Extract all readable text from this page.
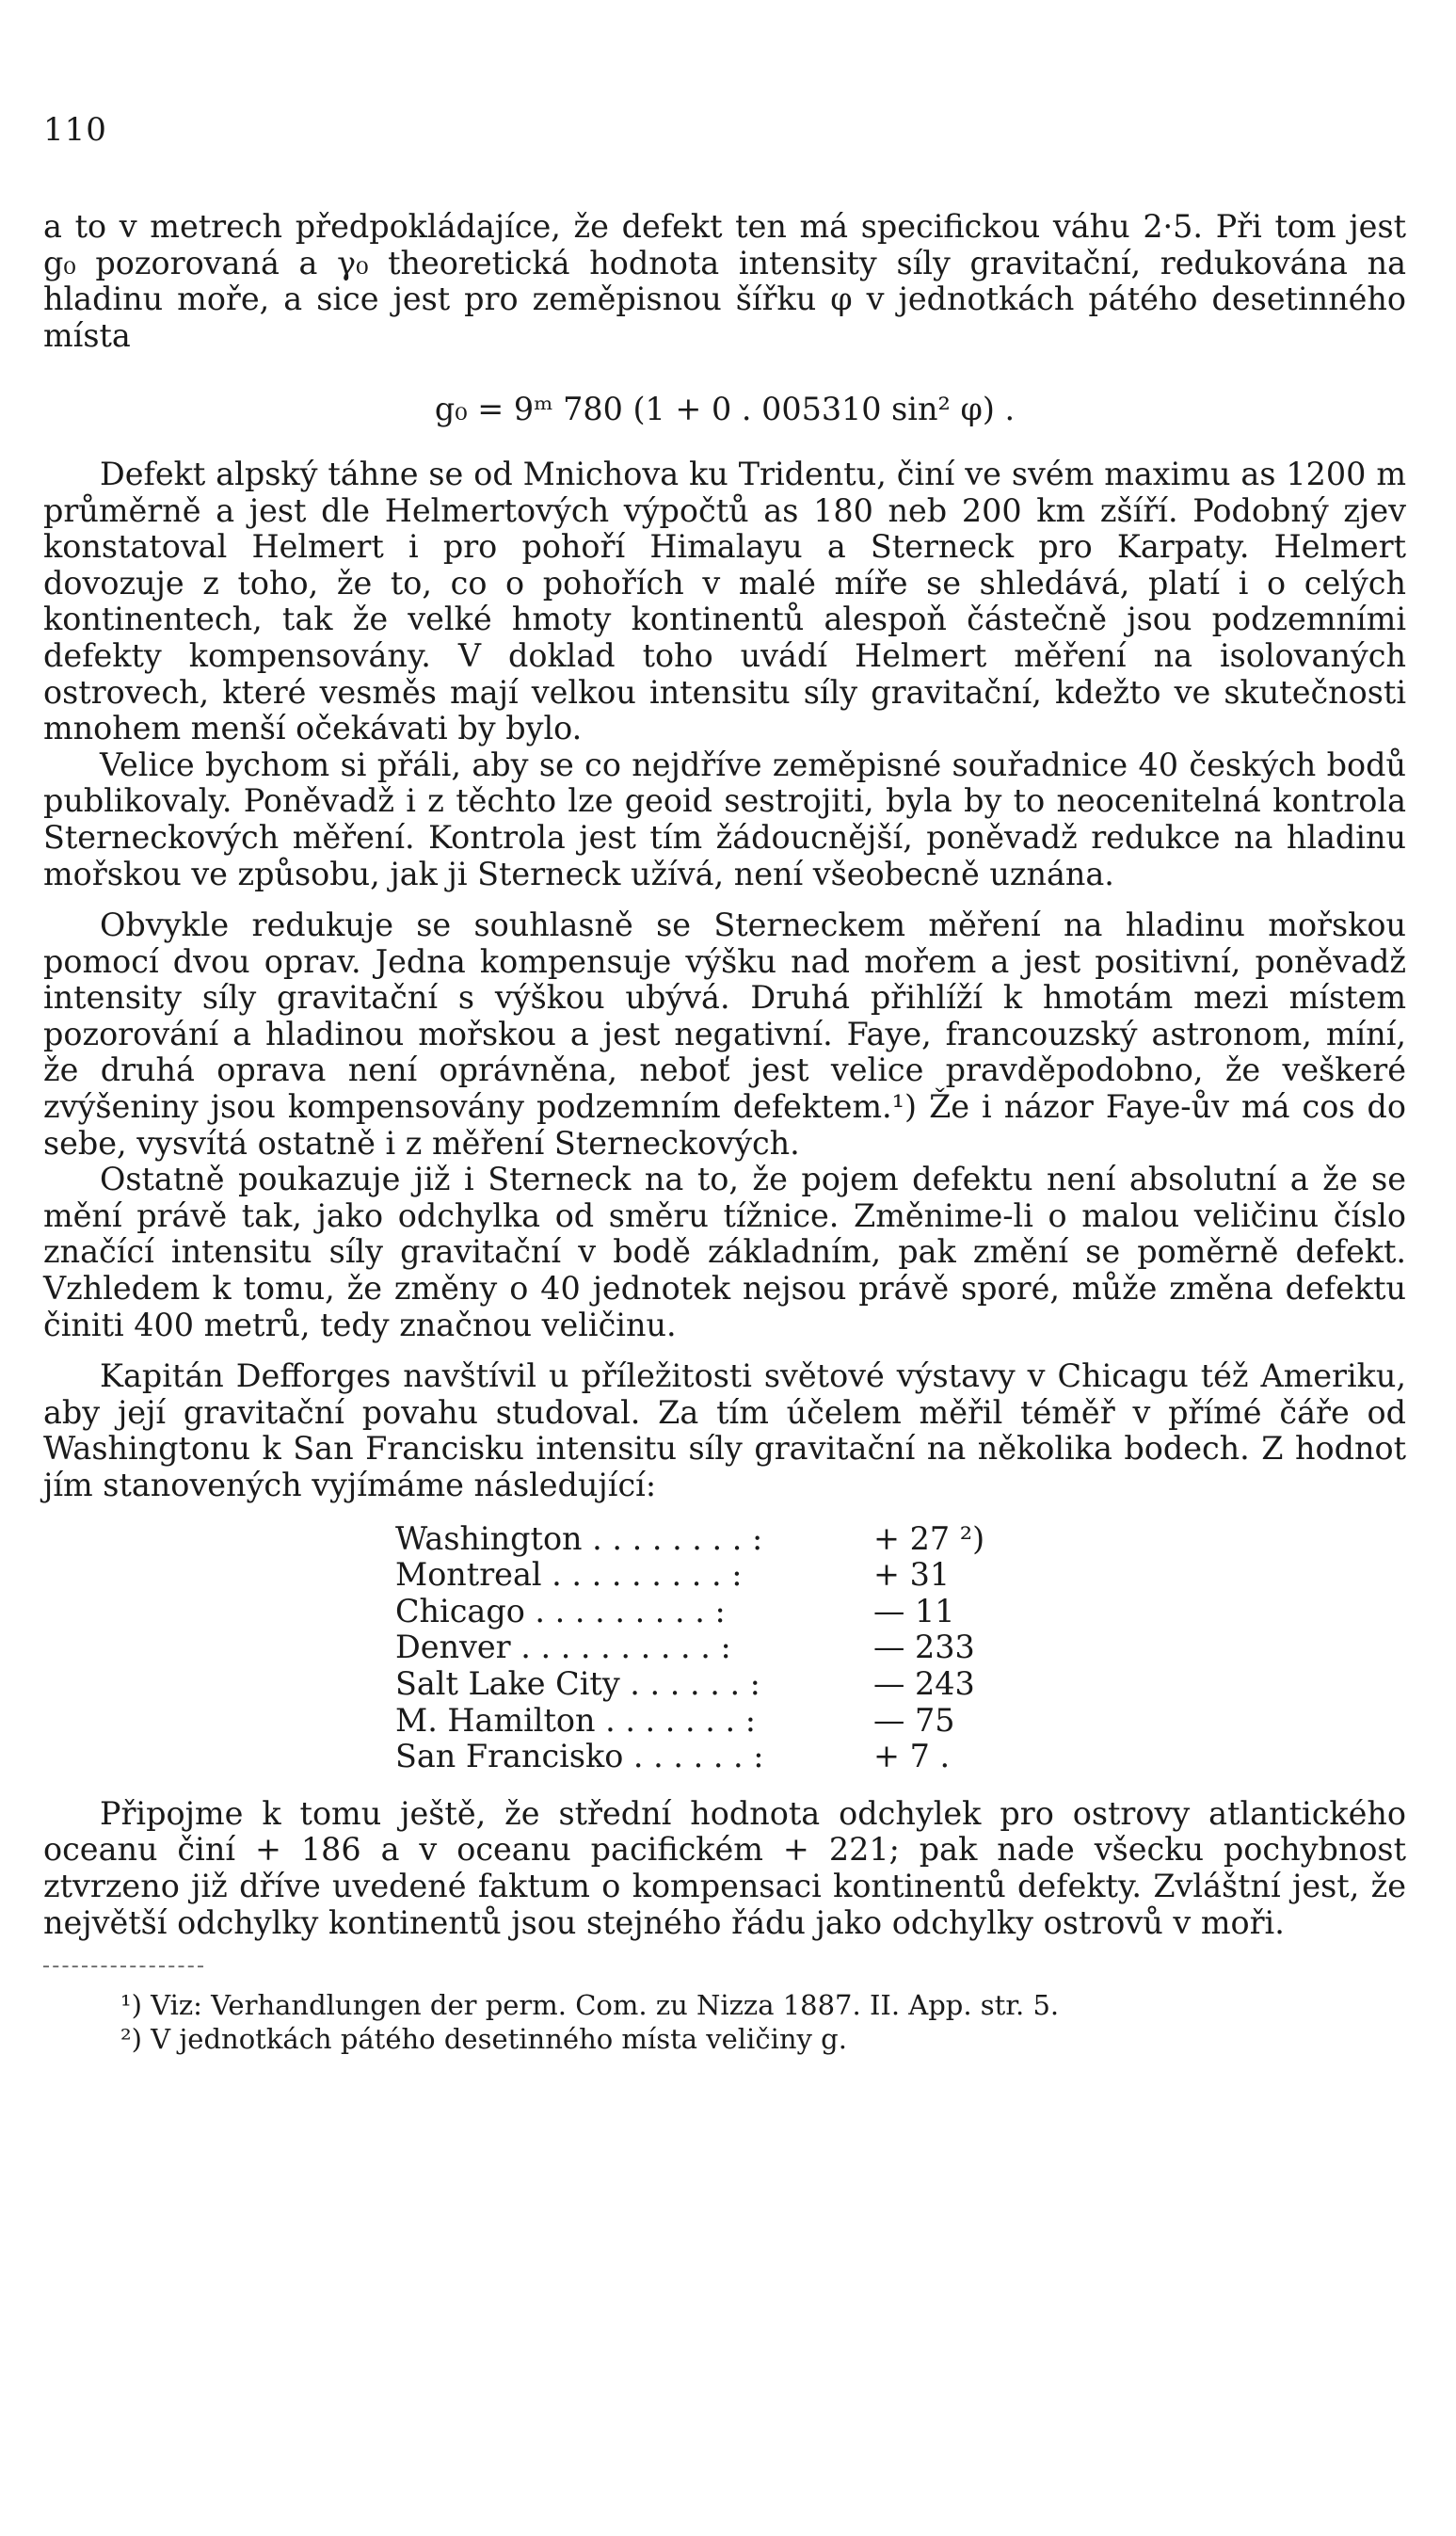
110

a to v metrech předpokládajíce, že defekt ten má specifickou váhu 2·5. Při tom jest g₀ pozorovaná a γ₀ theoretická hodnota intensity síly gravitační, redukována na hladinu moře, a sice jest pro zeměpisnou šířku φ v jednotkách pátého desetinného místa

g₀ = 9ᵐ 780 (1 + 0 . 005310 sin² φ) .

Defekt alpský táhne se od Mnichova ku Tridentu, činí ve svém maximu as 1200 m průměrně a jest dle Helmertových výpočtů as 180 neb 200 km zšíří. Podobný zjev konstatoval Helmert i pro pohoří Himalayu a Sterneck pro Karpaty. Helmert dovozuje z toho, že to, co o pohořích v malé míře se shledává, platí i o celých kontinentech, tak že velké hmoty kontinentů alespoň částečně jsou podzemními defekty kompensovány. V doklad toho uvádí Helmert měření na isolovaných ostrovech, které vesměs mají velkou intensitu síly gravitační, kdežto ve skutečnosti mnohem menší očekávati by bylo.

Velice bychom si přáli, aby se co nejdříve zeměpisné souřadnice 40 českých bodů publikovaly. Poněvadž i z těchto lze geoid sestrojiti, byla by to neocenitelná kontrola Sterneckových měření. Kontrola jest tím žádoucnější, poněvadž redukce na hladinu mořskou ve způsobu, jak ji Sterneck užívá, není všeobecně uznána.

Obvykle redukuje se souhlasně se Sterneckem měření na hladinu mořskou pomocí dvou oprav. Jedna kompensuje výšku nad mořem a jest positivní, poněvadž intensity síly gravitační s výškou ubývá. Druhá přihlíží k hmotám mezi místem pozorování a hladinou mořskou a jest negativní. Faye, francouzský astronom, míní, že druhá oprava není oprávněna, neboť jest velice pravděpodobno, že veškeré zvýšeniny jsou kompensovány podzemním defektem.¹) Že i názor Faye-ův má cos do sebe, vysvítá ostatně i z měření Sterneckových.

Ostatně poukazuje již i Sterneck na to, že pojem defektu není absolutní a že se mění právě tak, jako odchylka od směru tížnice. Změnime-li o malou veličinu číslo značící intensitu síly gravitační v bodě základním, pak změní se poměrně defekt. Vzhledem k tomu, že změny o 40 jednotek nejsou právě sporé, může změna defektu činiti 400 metrů, tedy značnou veličinu.

Kapitán Defforges navštívil u příležitosti světové výstavy v Chicagu též Ameriku, aby její gravitační povahu studoval. Za tím účelem měřil téměř v přímé čáře od Washingtonu k San Francisku intensitu síly gravitační na několika bodech. Z hodnot jím stanovených vyjímáme následující:

Washington . . . . . . . . :	+ 27 ²)
Montreal . . . . . . . . . :	+ 31
Chicago . . . . . . . . . :	— 11
Denver . . . . . . . . . . :	— 233
Salt Lake City . . . . . . :	— 243
M. Hamilton . . . . . . . :	— 75
San Francisko . . . . . . :	+ 7 .

Připojme k tomu ještě, že střední hodnota odchylek pro ostrovy atlantického oceanu činí + 186 a v oceanu pacifickém + 221; pak nade všecku pochybnost ztvrzeno již dříve uvedené faktum o kompensaci kontinentů defekty. Zvláštní jest, že největší odchylky kontinentů jsou stejného řádu jako odchylky ostrovů v moři.

¹) Viz: Verhandlungen der perm. Com. zu Nizza 1887. II. App. str. 5.

²) V jednotkách pátého desetinného místa veličiny g.
